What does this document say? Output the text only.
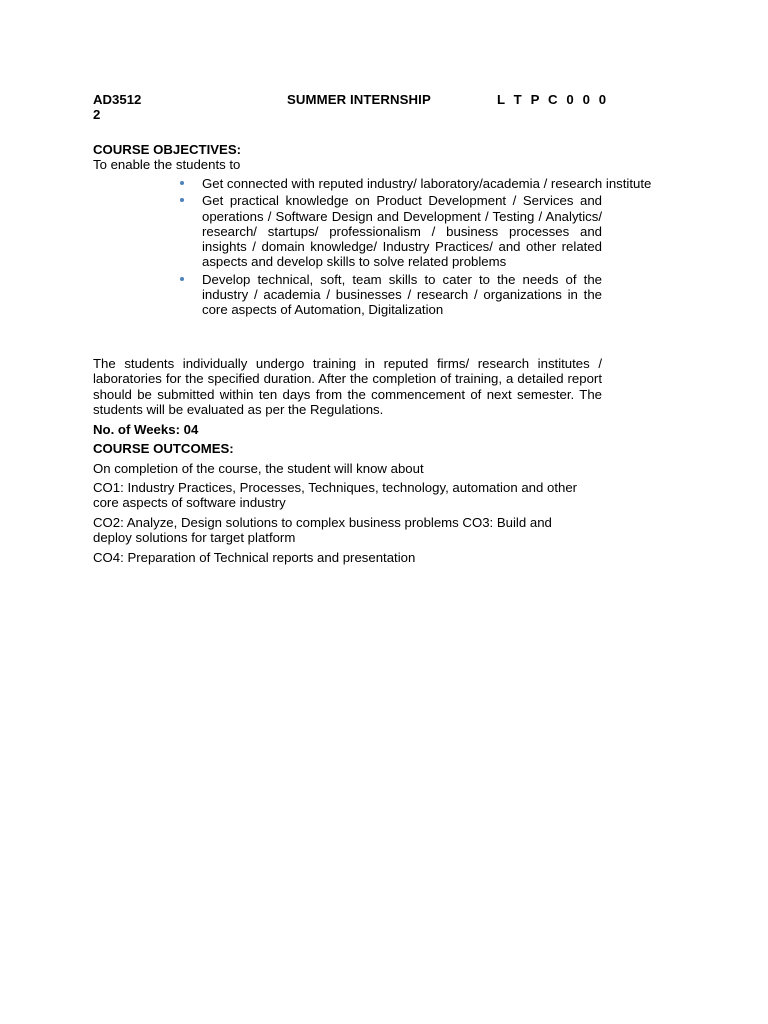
AD3512	SUMMER INTERNSHIP	L T P C 0 0 0
2
COURSE OBJECTIVES:
To enable the students to
Get connected with reputed industry/ laboratory/academia / research institute
Get practical knowledge on Product Development / Services and operations / Software Design and Development / Testing / Analytics/ research/ startups/ professionalism / business processes and insights / domain knowledge/ Industry Practices/ and other related aspects and develop skills to solve related problems
Develop technical, soft, team skills to cater to the needs of the industry / academia / businesses / research / organizations in the core aspects of Automation, Digitalization
The students individually undergo training in reputed firms/ research institutes / laboratories for the specified duration. After the completion of training, a detailed report should be submitted within ten days from the commencement of next semester. The students will be evaluated as per the Regulations.
No. of Weeks: 04
COURSE OUTCOMES:
On completion of the course, the student will know about
CO1: Industry Practices, Processes, Techniques, technology, automation and other core aspects of software industry
CO2: Analyze, Design solutions to complex business problems CO3: Build and deploy solutions for target platform
CO4: Preparation of Technical reports and presentation
